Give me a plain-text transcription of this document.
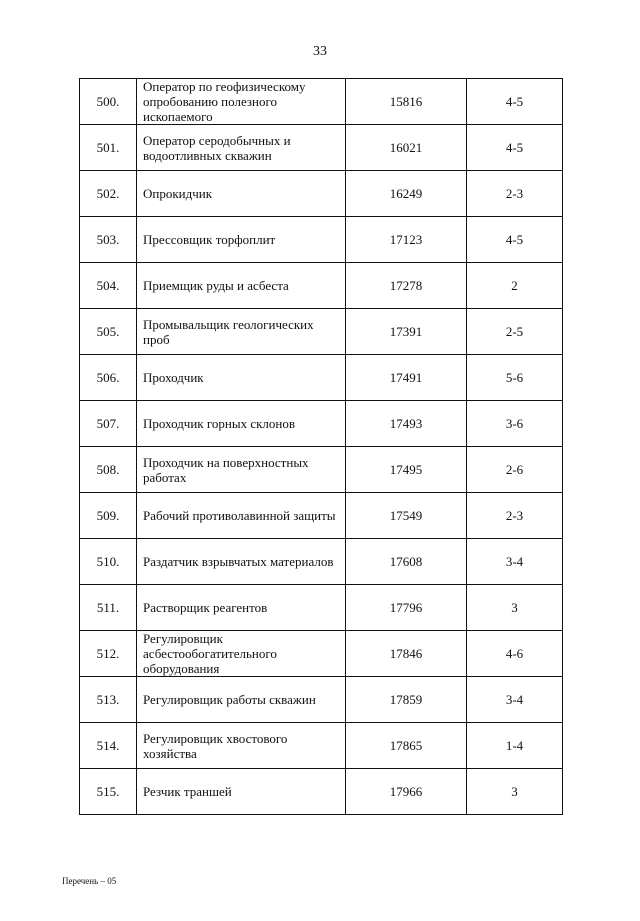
33
500.	Оператор по геофизическому опробованию полезного ископаемого	15816	4-5
501.	Оператор серодобычных и водоотливных скважин	16021	4-5
502.	Опрокидчик	16249	2-3
503.	Прессовщик торфоплит	17123	4-5
504.	Приемщик руды и асбеста	17278	2
505.	Промывальщик геологических проб	17391	2-5
506.	Проходчик	17491	5-6
507.	Проходчик горных склонов	17493	3-6
508.	Проходчик на поверхностных работах	17495	2-6
509.	Рабочий противолавинной защиты	17549	2-3
510.	Раздатчик взрывчатых материалов	17608	3-4
511.	Растворщик реагентов	17796	3
512.	Регулировщик асбестообогатительного оборудования	17846	4-6
513.	Регулировщик работы скважин	17859	3-4
514.	Регулировщик хвостового хозяйства	17865	1-4
515.	Резчик траншей	17966	3
Перечень – 05
